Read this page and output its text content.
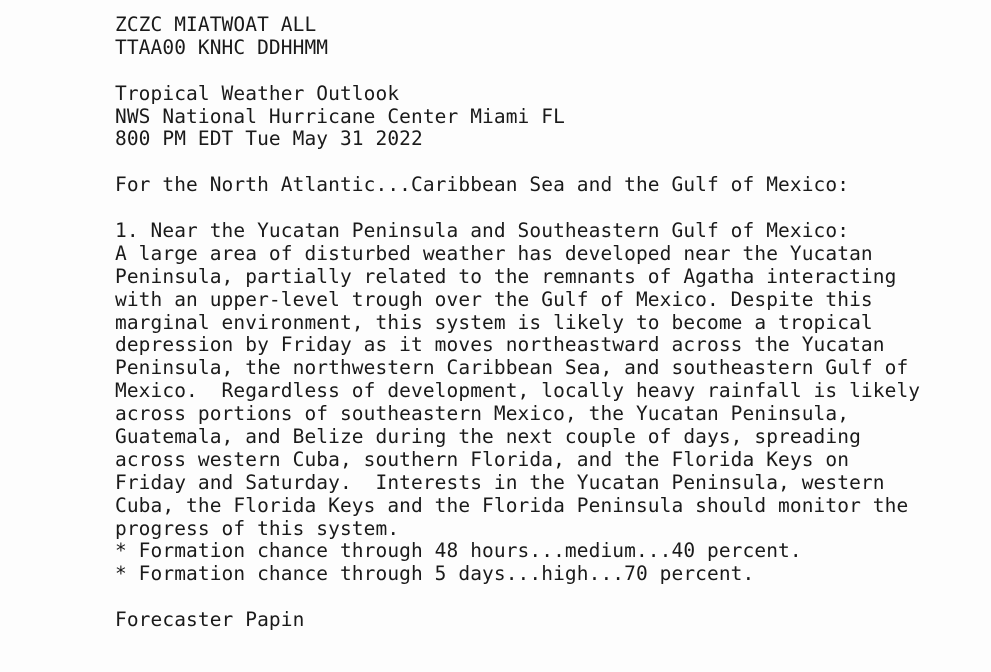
ZCZC MIATWOAT ALL
TTAA00 KNHC DDHHMM
Tropical Weather Outlook
NWS National Hurricane Center Miami FL
800 PM EDT Tue May 31 2022
For the North Atlantic...Caribbean Sea and the Gulf of Mexico:
1. Near the Yucatan Peninsula and Southeastern Gulf of Mexico:
A large area of disturbed weather has developed near the Yucatan
Peninsula, partially related to the remnants of Agatha interacting
with an upper-level trough over the Gulf of Mexico. Despite this
marginal environment, this system is likely to become a tropical
depression by Friday as it moves northeastward across the Yucatan
Peninsula, the northwestern Caribbean Sea, and southeastern Gulf of
Mexico.  Regardless of development, locally heavy rainfall is likely
across portions of southeastern Mexico, the Yucatan Peninsula,
Guatemala, and Belize during the next couple of days, spreading
across western Cuba, southern Florida, and the Florida Keys on
Friday and Saturday.  Interests in the Yucatan Peninsula, western
Cuba, the Florida Keys and the Florida Peninsula should monitor the
progress of this system.
* Formation chance through 48 hours...medium...40 percent.
* Formation chance through 5 days...high...70 percent.
Forecaster Papin
